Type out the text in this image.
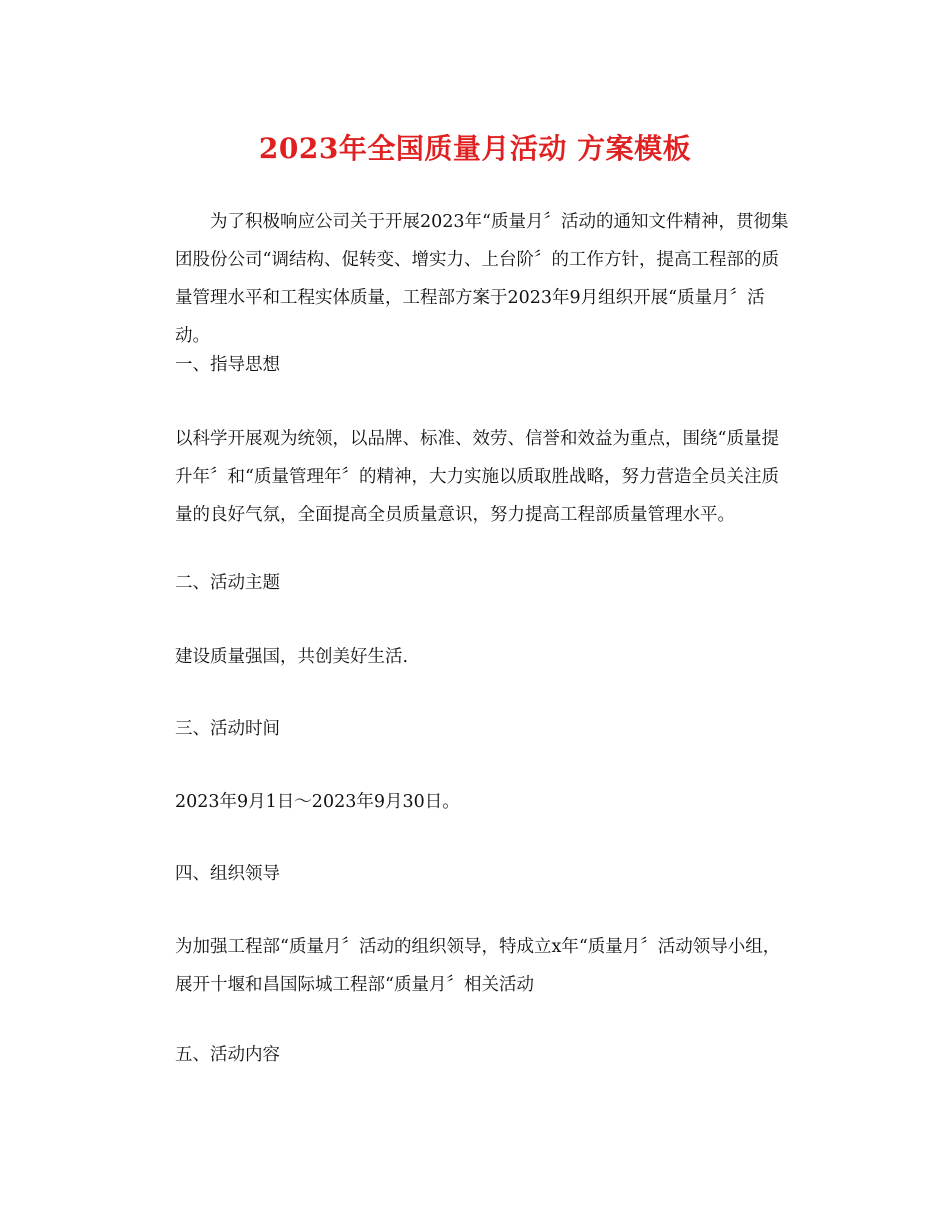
2023年全国质量月活动 方案模板

为了积极响应公司关于开展2023年“质量月〞活动的通知文件精神，贯彻集团股份公司“调结构、促转变、增实力、上台阶〞的工作方针，提高工程部的质量管理水平和工程实体质量，工程部方案于2023年9月组织开展“质量月〞活动。

一、指导思想

以科学开展观为统领，以品牌、标准、效劳、信誉和效益为重点，围绕“质量提升年〞和“质量管理年〞的精神，大力实施以质取胜战略，努力营造全员关注质量的良好气氛，全面提高全员质量意识，努力提高工程部质量管理水平。

二、活动主题

建设质量强国，共创美好生活.

三、活动时间

2023年9月1日～2023年9月30日。

四、组织领导

为加强工程部“质量月〞活动的组织领导，特成立x年“质量月〞活动领导小组，展开十堰和昌国际城工程部“质量月〞相关活动

五、活动内容
